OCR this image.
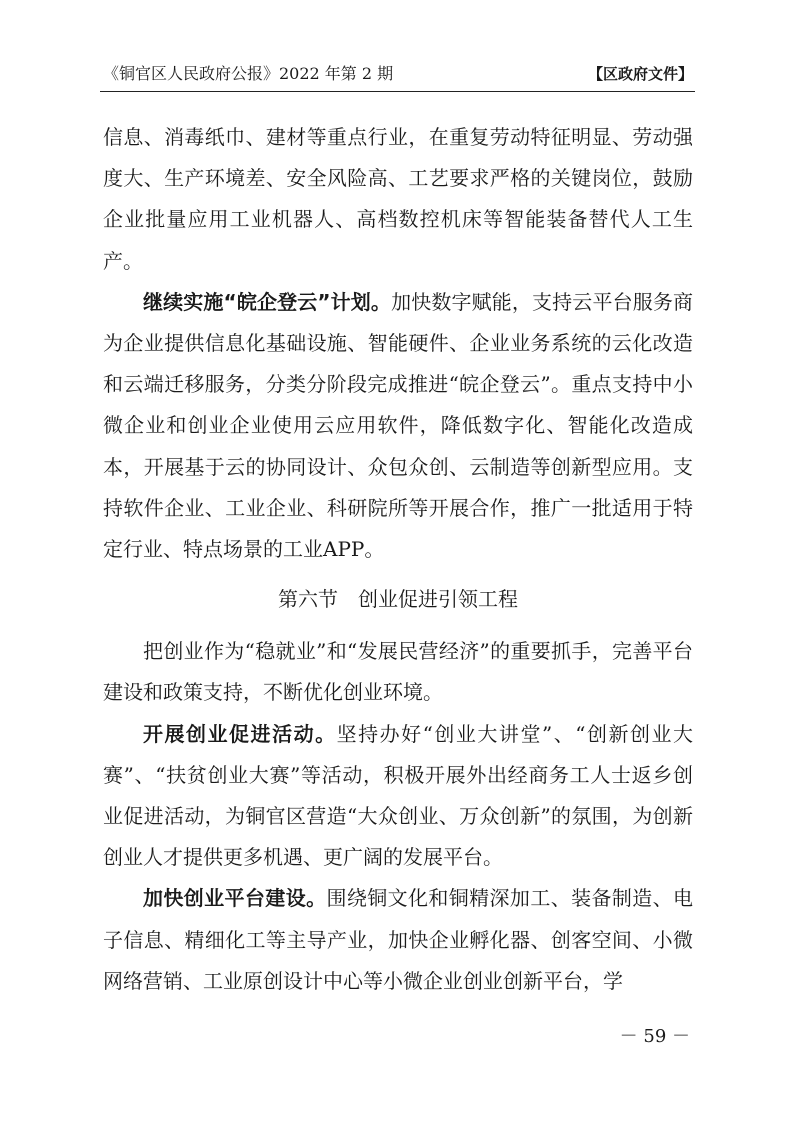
《铜官区人民政府公报》2022 年第 2 期	【区政府文件】

信息、消毒纸巾、建材等重点行业，在重复劳动特征明显、劳动强度大、生产环境差、安全风险高、工艺要求严格的关键岗位，鼓励企业批量应用工业机器人、高档数控机床等智能装备替代人工生产。

继续实施“皖企登云”计划。加快数字赋能，支持云平台服务商为企业提供信息化基础设施、智能硬件、企业业务系统的云化改造和云端迁移服务，分类分阶段完成推进“皖企登云”。重点支持中小微企业和创业企业使用云应用软件，降低数字化、智能化改造成本，开展基于云的协同设计、众包众创、云制造等创新型应用。支持软件企业、工业企业、科研院所等开展合作，推广一批适用于特定行业、特点场景的工业APP。

第六节　创业促进引领工程

把创业作为“稳就业”和“发展民营经济”的重要抓手，完善平台建设和政策支持，不断优化创业环境。

开展创业促进活动。坚持办好“创业大讲堂”、“创新创业大赛”、“扶贫创业大赛”等活动，积极开展外出经商务工人士返乡创业促进活动，为铜官区营造“大众创业、万众创新”的氛围，为创新创业人才提供更多机遇、更广阔的发展平台。

加快创业平台建设。围绕铜文化和铜精深加工、装备制造、电子信息、精细化工等主导产业，加快企业孵化器、创客空间、小微网络营销、工业原创设计中心等小微企业创业创新平台，学

－ 59 －
